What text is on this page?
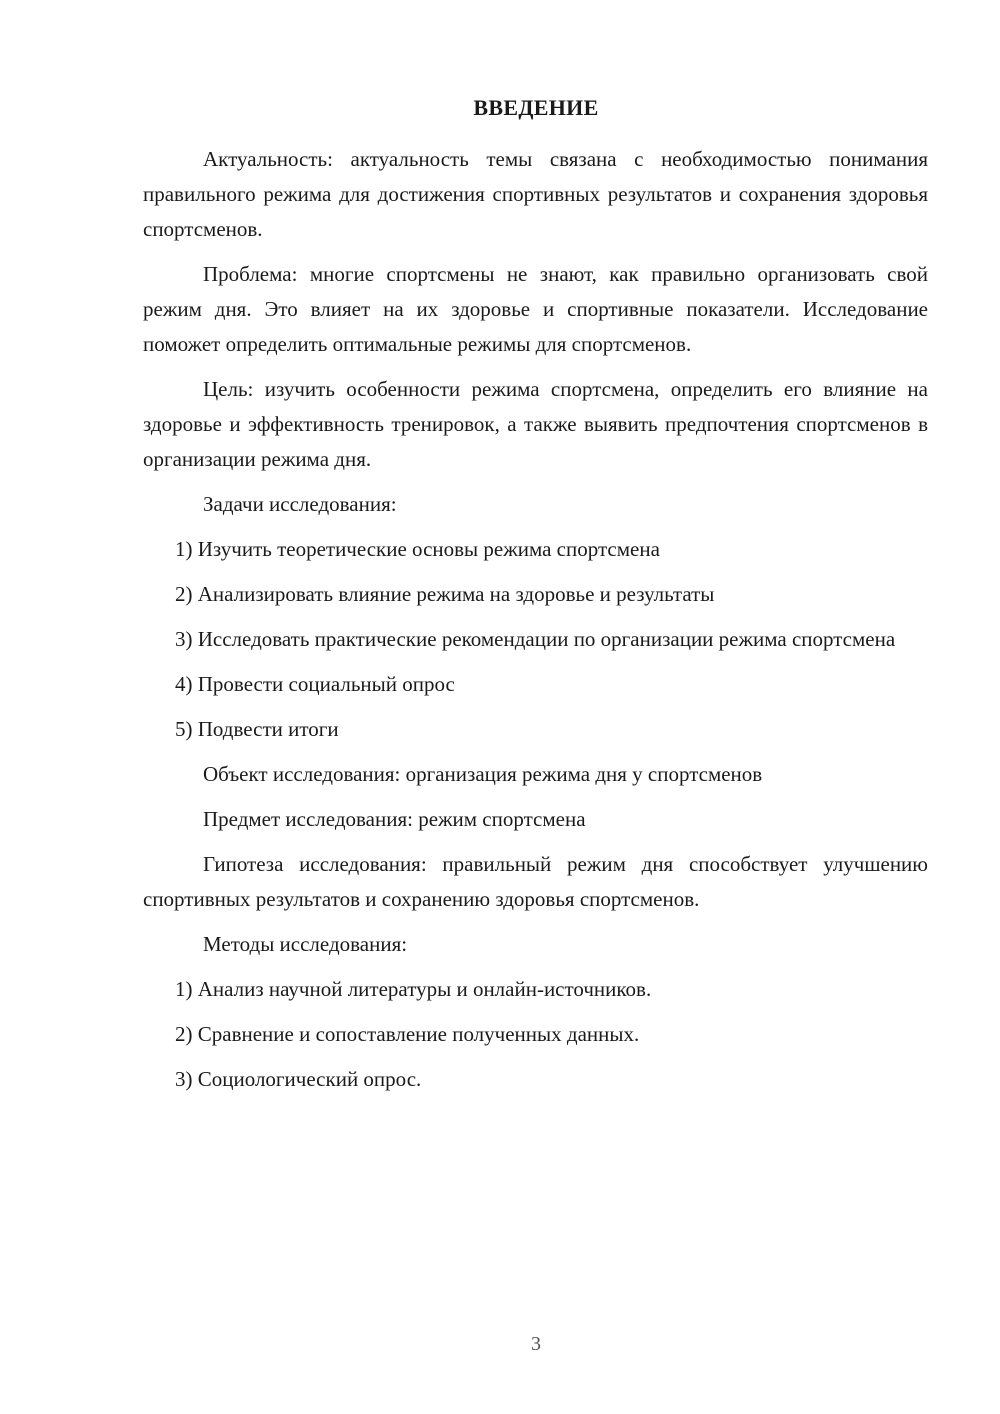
ВВЕДЕНИЕ

Актуальность: актуальность темы связана с необходимостью понимания правильного режима для достижения спортивных результатов и сохранения здоровья спортсменов.

Проблема: многие спортсмены не знают, как правильно организовать свой режим дня. Это влияет на их здоровье и спортивные показатели. Исследование поможет определить оптимальные режимы для спортсменов.

Цель: изучить особенности режима спортсмена, определить его влияние на здоровье и эффективность тренировок, а также выявить предпочтения спортсменов в организации режима дня.

Задачи исследования:

1) Изучить теоретические основы режима спортсмена

2) Анализировать влияние режима на здоровье и результаты

3) Исследовать практические рекомендации по организации режима спортсмена

4) Провести социальный опрос

5) Подвести итоги

Объект исследования: организация режима дня у спортсменов

Предмет исследования: режим спортсмена

Гипотеза исследования: правильный режим дня способствует улучшению спортивных результатов и сохранению здоровья спортсменов.

Методы исследования:

1) Анализ научной литературы и онлайн-источников.

2) Сравнение и сопоставление полученных данных.

3) Социологический опрос.

3
